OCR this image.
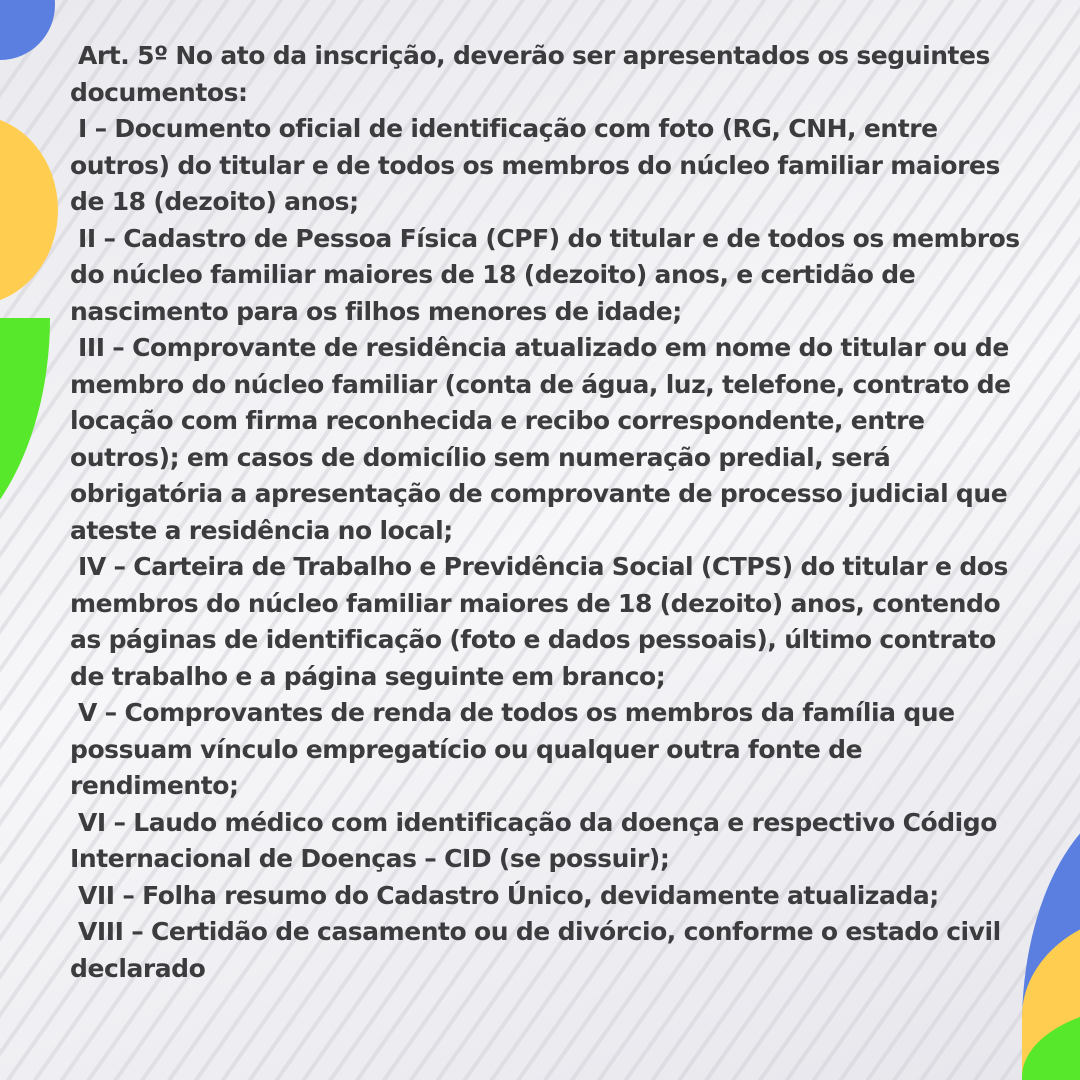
Art. 5º No ato da inscrição, deverão ser apresentados os seguintes documentos:

I – Documento oficial de identificação com foto (RG, CNH, entre outros) do titular e de todos os membros do núcleo familiar maiores de 18 (dezoito) anos;

II – Cadastro de Pessoa Física (CPF) do titular e de todos os membros do núcleo familiar maiores de 18 (dezoito) anos, e certidão de nascimento para os filhos menores de idade;

III – Comprovante de residência atualizado em nome do titular ou de membro do núcleo familiar (conta de água, luz, telefone, contrato de locação com firma reconhecida e recibo correspondente, entre outros); em casos de domicílio sem numeração predial, será obrigatória a apresentação de comprovante de processo judicial que ateste a residência no local;

IV – Carteira de Trabalho e Previdência Social (CTPS) do titular e dos membros do núcleo familiar maiores de 18 (dezoito) anos, contendo as páginas de identificação (foto e dados pessoais), último contrato de trabalho e a página seguinte em branco;

V – Comprovantes de renda de todos os membros da família que possuam vínculo empregatício ou qualquer outra fonte de rendimento;

VI – Laudo médico com identificação da doença e respectivo Código Internacional de Doenças – CID (se possuir);

VII – Folha resumo do Cadastro Único, devidamente atualizada;

VIII – Certidão de casamento ou de divórcio, conforme o estado civil declarado
